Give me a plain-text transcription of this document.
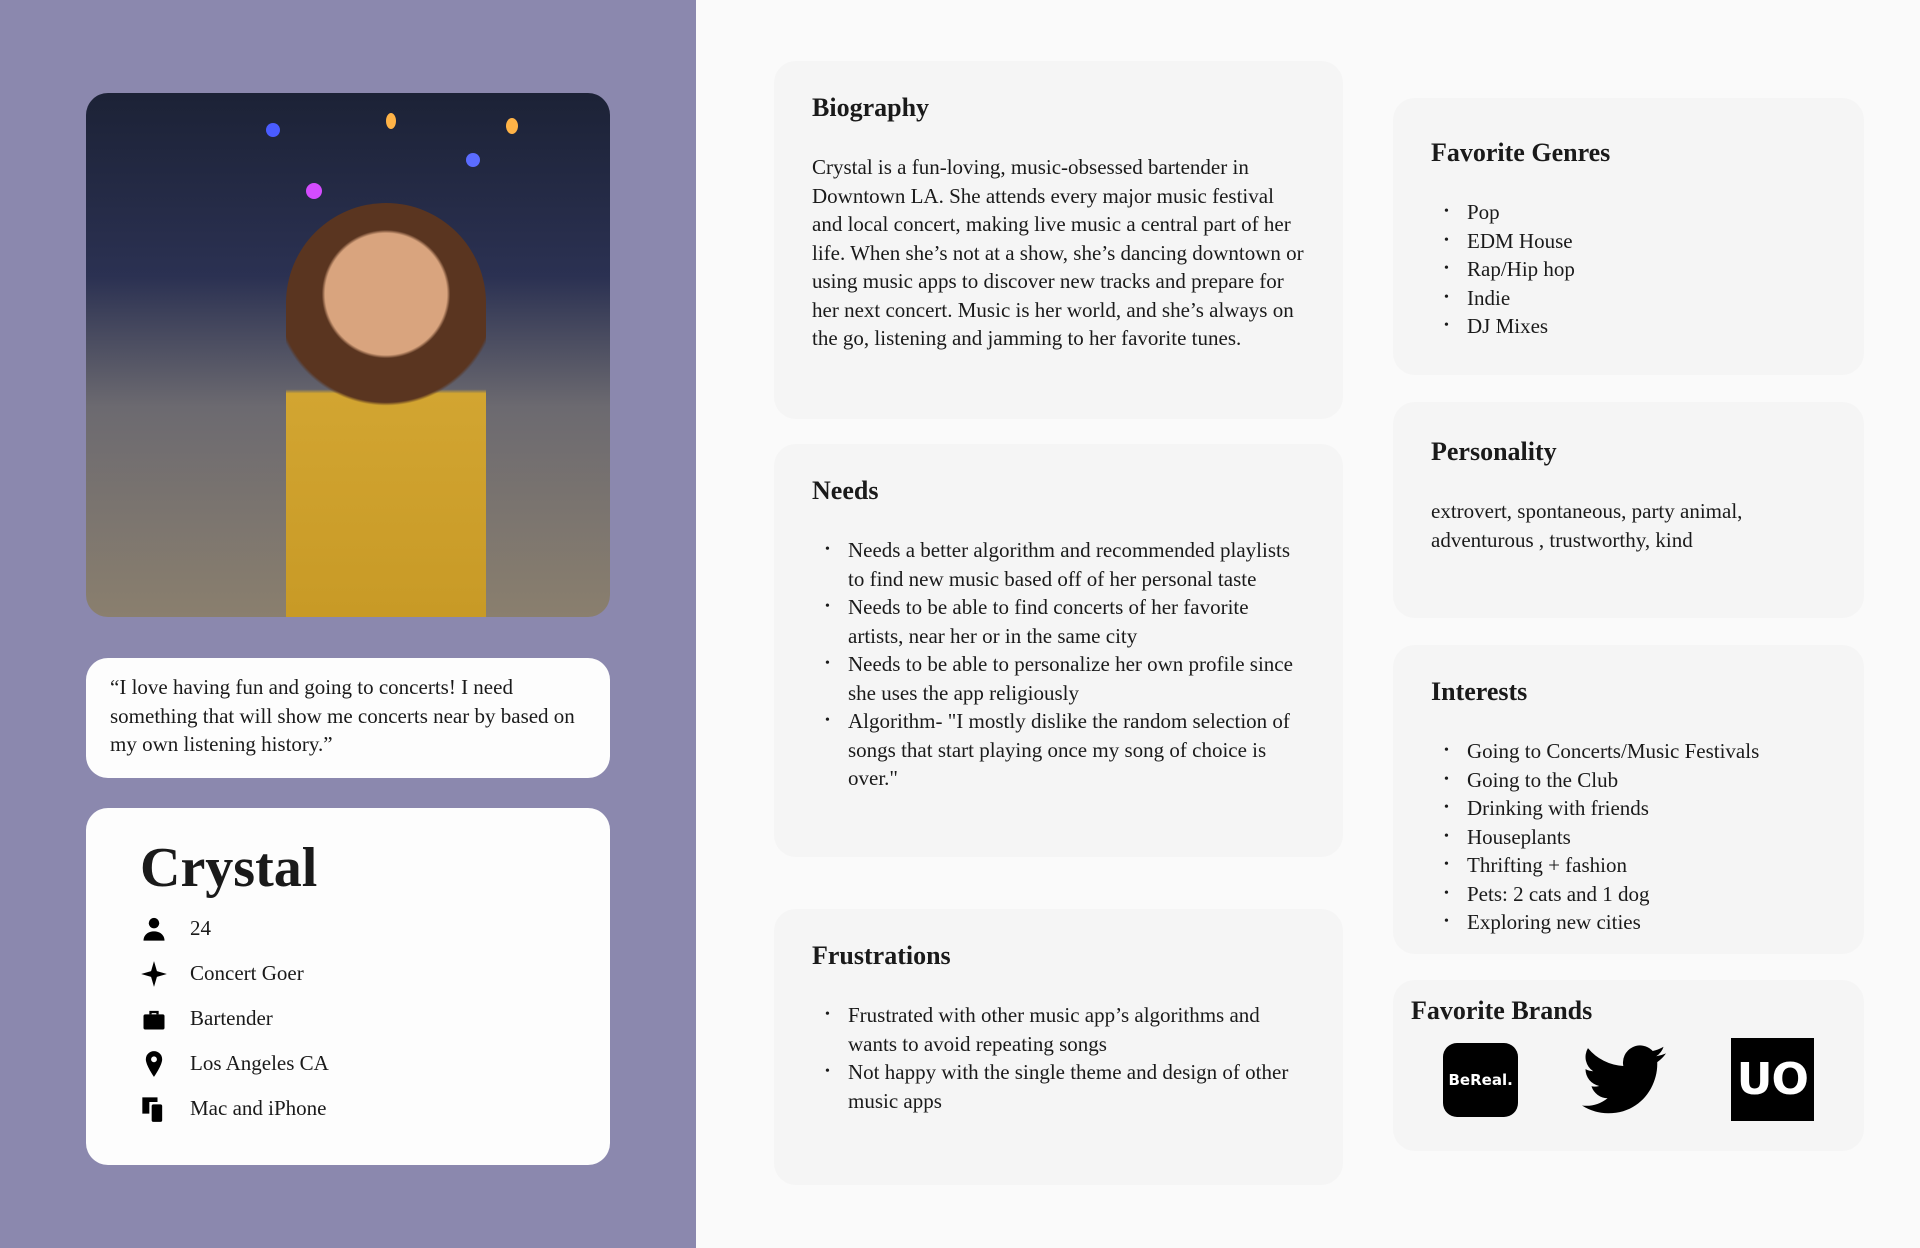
“I love having fun and going to concerts! I need something that will show me concerts near by based on my own listening history.”
Crystal
24
Concert Goer
Bartender
Los Angeles CA
Mac and iPhone
Biography

Crystal is a fun-loving, music-obsessed bartender in Downtown LA. She attends every major music festival and local concert, making live music a central part of her life. When she’s not at a show, she’s dancing downtown or using music apps to discover new tracks and prepare for her next concert. Music is her world, and she’s always on the go, listening and jamming to her favorite tunes.

Needs
• Needs a better algorithm and recommended playlists to find new music based off of her personal taste
• Needs to be able to find concerts of her favorite artists, near her or in the same city
• Needs to be able to personalize her own profile since she uses the app religiously
• Algorithm- "I mostly dislike the random selection of songs that start playing once my song of choice is over."
Frustrations
• Frustrated with other music app’s algorithms and wants to avoid repeating songs
• Not happy with the single theme and design of other music apps
Favorite Genres
• Pop
• EDM House
• Rap/Hip hop
• Indie
• DJ Mixes
Personality

extrovert, spontaneous, party animal, adventurous , trustworthy, kind

Interests
• Going to Concerts/Music Festivals
• Going to the Club
• Drinking with friends
• Houseplants
• Thrifting + fashion
• Pets: 2 cats and 1 dog
• Exploring new cities
Favorite Brands
BeReal.	UO
